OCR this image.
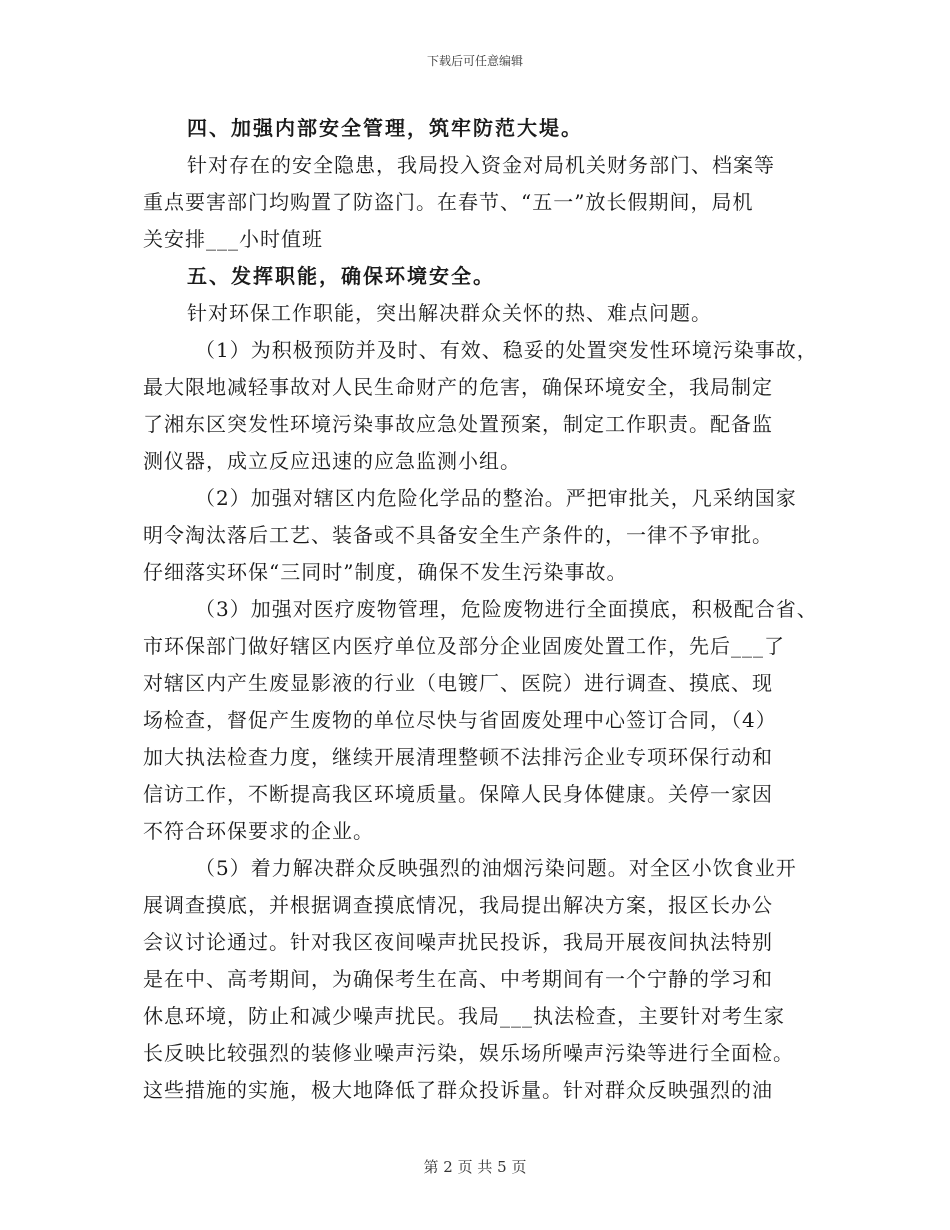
下载后可任意编辑
四、加强内部安全管理，筑牢防范大堤。
针对存在的安全隐患，我局投入资金对局机关财务部门、档案等
重点要害部门均购置了防盗门。在春节、“五一”放长假期间，局机
关安排___小时值班
五、发挥职能，确保环境安全。
针对环保工作职能，突出解决群众关怀的热、难点问题。
（1）为积极预防并及时、有效、稳妥的处置突发性环境污染事故，
最大限地减轻事故对人民生命财产的危害，确保环境安全，我局制定
了湘东区突发性环境污染事故应急处置预案，制定工作职责。配备监
测仪器，成立反应迅速的应急监测小组。
（2）加强对辖区内危险化学品的整治。严把审批关，凡采纳国家
明令淘汰落后工艺、装备或不具备安全生产条件的，一律不予审批。
仔细落实环保“三同时”制度，确保不发生污染事故。
（3）加强对医疗废物管理，危险废物进行全面摸底，积极配合省、
市环保部门做好辖区内医疗单位及部分企业固废处置工作，先后___了
对辖区内产生废显影液的行业（电镀厂、医院）进行调查、摸底、现
场检查，督促产生废物的单位尽快与省固废处理中心签订合同，（4）
加大执法检查力度，继续开展清理整顿不法排污企业专项环保行动和
信访工作，不断提高我区环境质量。保障人民身体健康。关停一家因
不符合环保要求的企业。
（5）着力解决群众反映强烈的油烟污染问题。对全区小饮食业开
展调查摸底，并根据调查摸底情况，我局提出解决方案，报区长办公
会议讨论通过。针对我区夜间噪声扰民投诉，我局开展夜间执法特别
是在中、高考期间，为确保考生在高、中考期间有一个宁静的学习和
休息环境，防止和减少噪声扰民。我局___执法检查，主要针对考生家
长反映比较强烈的装修业噪声污染，娱乐场所噪声污染等进行全面检。
这些措施的实施，极大地降低了群众投诉量。针对群众反映强烈的油
第 2 页 共 5 页
